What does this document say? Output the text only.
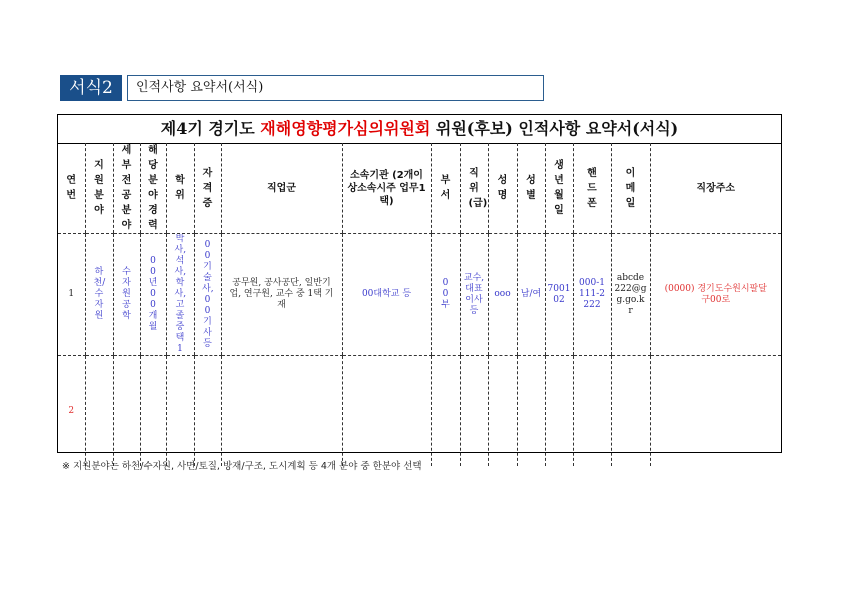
서식2	인적사항 요약서(서식)
제4기 경기도 재해영향평가심의위원회 위원(후보) 인적사항 요약서(서식)
연번	지원분야	세부전공분야	해당분야경력	학위	자격증	직업군	소속기관 (2개이상소속시주 업무1택)	부서	직위(급)	성명	성별	생년월일	핸드폰	이메일	직장주소
1	하천/수자원	수자원공학	00년00개월	박사,석사,학사,고졸중택1	00기술사, 00기사등	공무원, 공사공단, 일반기업, 연구원, 교수 중 1택 기재	00대학교 등	00부	교수, 대표이사등	ooo	남/여	700102	000-1111-2222	abcde222@gg.go.kr	(0000) 경기도수원시팔달구00로
2															
※ 지원분야는 하천/수자원, 사면/토질, 방재/구조, 도시계획 등 4개 분야 중 한분야 선택
